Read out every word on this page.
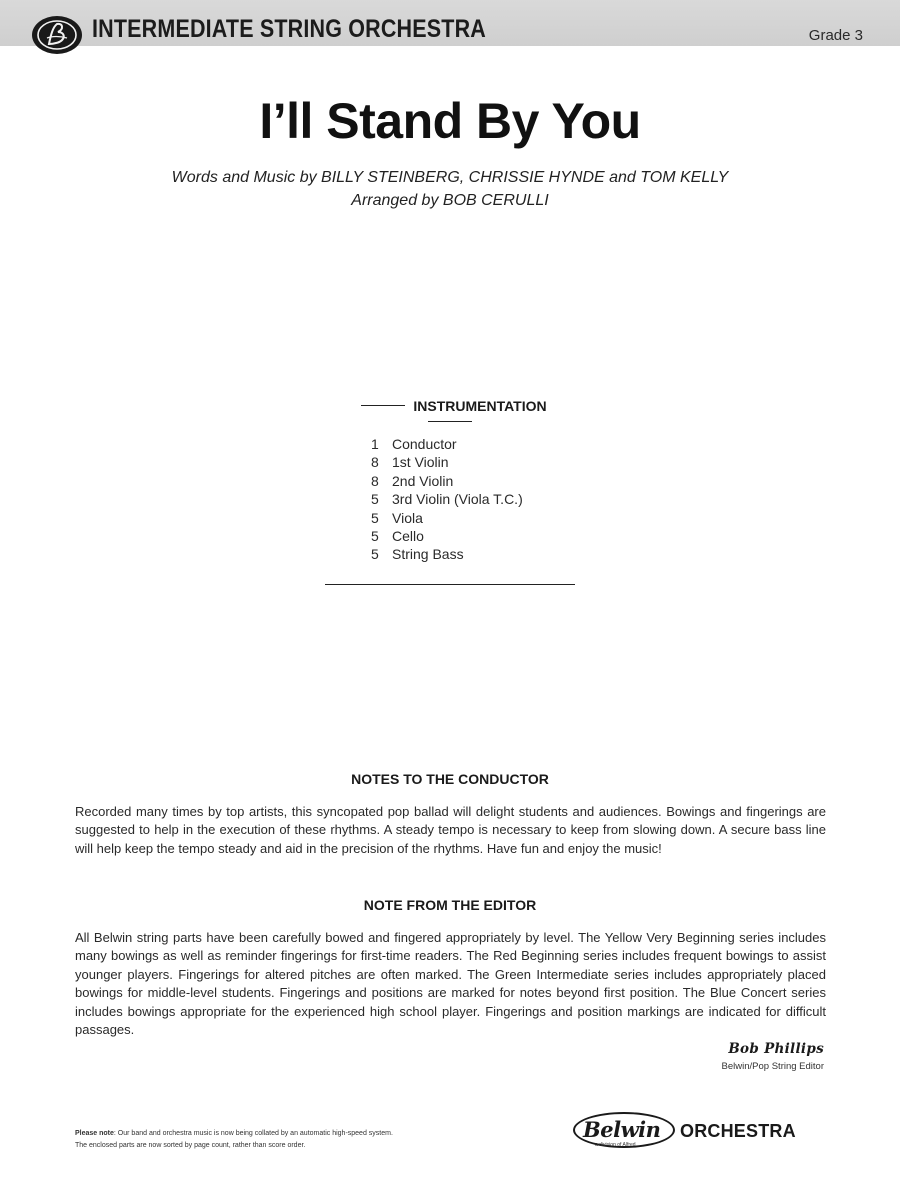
INTERMEDIATE STRING ORCHESTRA	Grade 3
I’ll Stand By You
Words and Music by BILLY STEINBERG, CHRISSIE HYNDE and TOM KELLY
Arranged by BOB CERULLI
INSTRUMENTATION
1 Conductor
8 1st Violin
8 2nd Violin
5 3rd Violin (Viola T.C.)
5 Viola
5 Cello
5 String Bass
NOTES TO THE CONDUCTOR
Recorded many times by top artists, this syncopated pop ballad will delight students and audiences. Bowings and fingerings are suggested to help in the execution of these rhythms. A steady tempo is necessary to keep from slowing down. A secure bass line will help keep the tempo steady and aid in the precision of the rhythms. Have fun and enjoy the music!
NOTE FROM THE EDITOR
All Belwin string parts have been carefully bowed and fingered appropriately by level. The Yellow Very Beginning series includes many bowings as well as reminder fingerings for first-time readers. The Red Beginning series includes frequent bowings to assist younger players. Fingerings for altered pitches are often marked. The Green Intermediate series includes appropriately placed bowings for middle-level students. Fingerings and positions are marked for notes beyond first position. The Blue Concert series includes bowings appropriate for the experienced high school player. Fingerings and position markings are indicated for difficult passages.
Bob Phillips
Belwin/Pop String Editor
Please note: Our band and orchestra music is now being collated by an automatic high-speed system.
The enclosed parts are now sorted by page count, rather than score order.
Belwin ORCHESTRA
a division of Alfred
